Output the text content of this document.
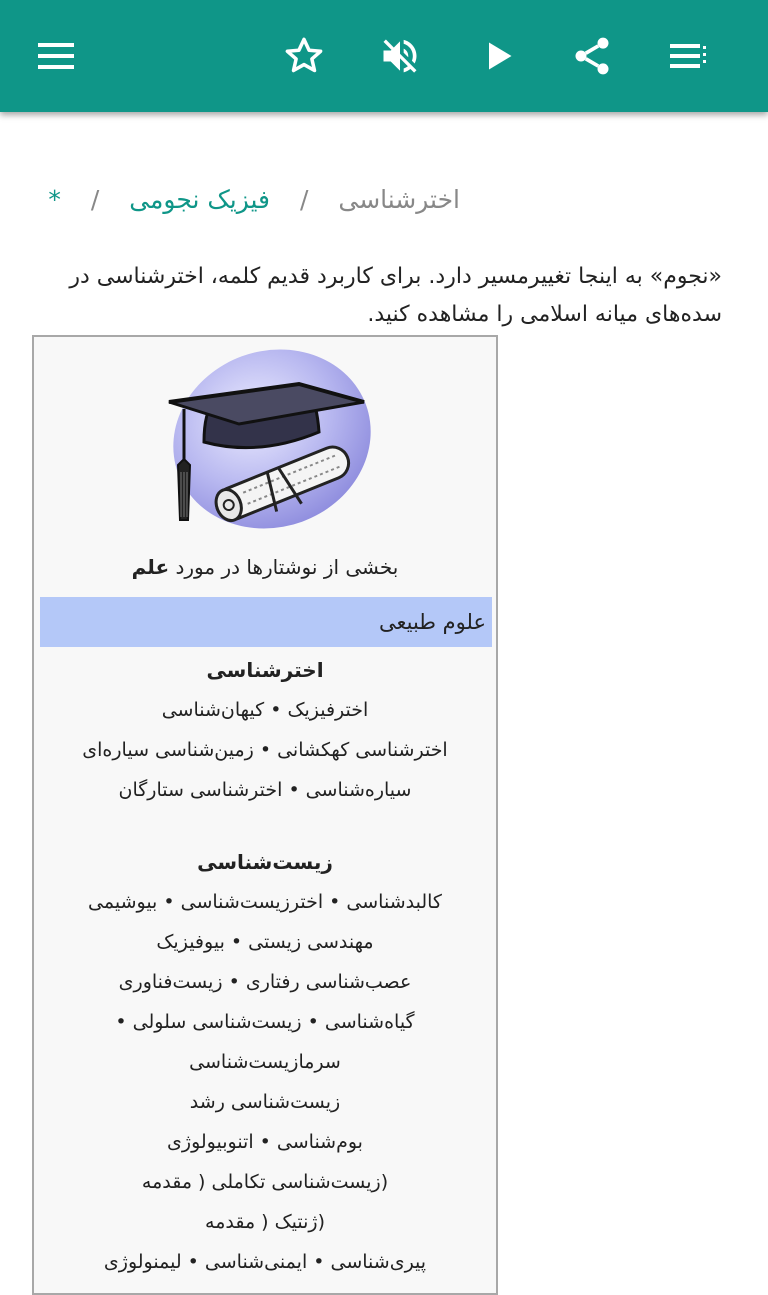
اخترشناسی / فیزیک نجومی / *
«نجوم» به اینجا تغییرمسیر دارد. برای کاربرد قدیم کلمه، اخترشناسی در سده‌های میانه اسلامی را مشاهده کنید.
بخشی از نوشتارها در مورد علم
علوم طبیعی
اخترشناسی
اخترفیزیک • کیهان‌شناسی
اخترشناسی کهکشانی • زمین‌شناسی سیاره‌ای
سیاره‌شناسی • اخترشناسی ستارگان
زیست‌شناسی
کالبدشناسی • اخترزیست‌شناسی • بیوشیمی
مهندسی زیستی • بیوفیزیک
عصب‌شناسی رفتاری • زیست‌فناوری
گیاه‌شناسی • زیست‌شناسی سلولی •
سرمازیست‌شناسی
زیست‌شناسی رشد
بوم‌شناسی • اتنوبیولوژی
(زیست‌شناسی تکاملی ( مقدمه
(ژنتیک ( مقدمه
پیری‌شناسی • ایمنی‌شناسی • لیمنولوژی
